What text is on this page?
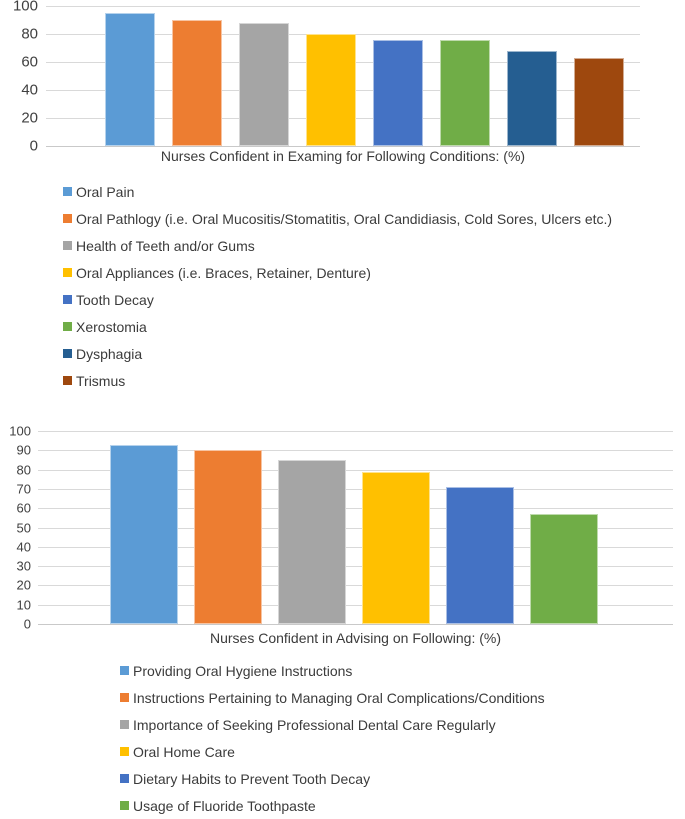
0
20
40
60
80
100
Nurses Confident in Examing for Following Conditions: (%)
Oral Pain
Oral Pathlogy (i.e. Oral Mucositis/Stomatitis, Oral Candidiasis, Cold Sores, Ulcers etc.)
Health of Teeth and/or Gums
Oral Appliances (i.e. Braces, Retainer, Denture)
Tooth Decay
Xerostomia
Dysphagia
Trismus
0
10
20
30
40
50
60
70
80
90
100
Nurses Confident in Advising on Following: (%)
Providing Oral Hygiene Instructions
Instructions Pertaining to Managing Oral Complications/Conditions
Importance of Seeking Professional Dental Care Regularly
Oral Home Care
Dietary Habits to Prevent Tooth Decay
Usage of Fluoride Toothpaste
